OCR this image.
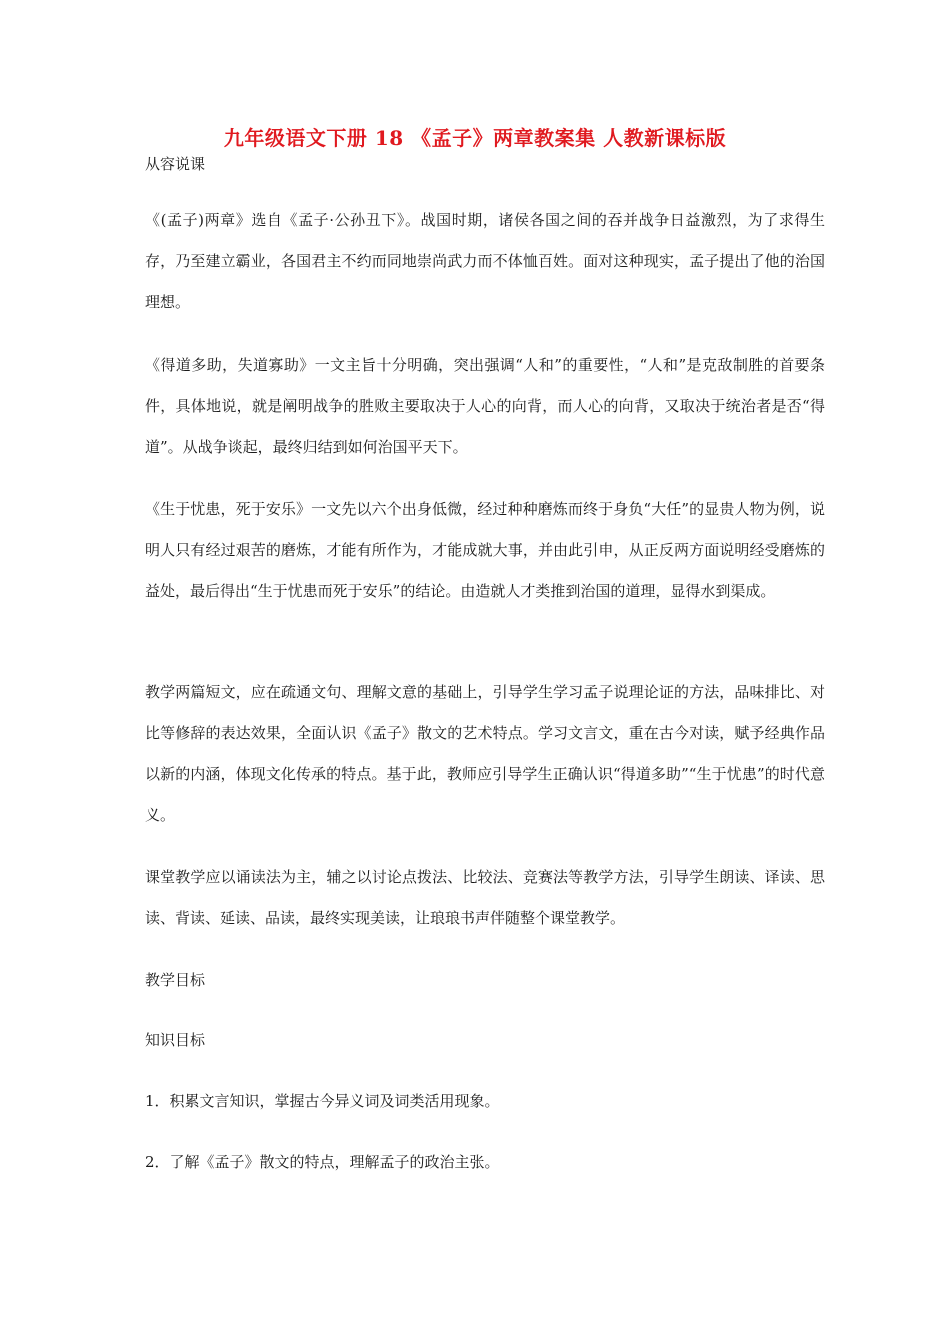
九年级语文下册 18 《孟子》两章教案集 人教新课标版
从容说课

《(孟子)两章》选自《孟子·公孙丑下》。战国时期，诸侯各国之间的吞并战争日益激烈，为了求得生存，乃至建立霸业，各国君主不约而同地崇尚武力而不体恤百姓。面对这种现实，孟子提出了他的治国理想。

《得道多助，失道寡助》一文主旨十分明确，突出强调“人和”的重要性，“人和”是克敌制胜的首要条件，具体地说，就是阐明战争的胜败主要取决于人心的向背，而人心的向背，又取决于统治者是否“得道”。从战争谈起，最终归结到如何治国平天下。

《生于忧患，死于安乐》一文先以六个出身低微，经过种种磨炼而终于身负“大任”的显贵人物为例，说明人只有经过艰苦的磨炼，才能有所作为，才能成就大事，并由此引申，从正反两方面说明经受磨炼的益处，最后得出“生于忧患而死于安乐”的结论。由造就人才类推到治国的道理，显得水到渠成。

教学两篇短文，应在疏通文句、理解文意的基础上，引导学生学习孟子说理论证的方法，品味排比、对比等修辞的表达效果，全面认识《孟子》散文的艺术特点。学习文言文，重在古今对读，赋予经典作品以新的内涵，体现文化传承的特点。基于此，教师应引导学生正确认识“得道多助”“生于忧患”的时代意义。

课堂教学应以诵读法为主，辅之以讨论点拨法、比较法、竞赛法等教学方法，引导学生朗读、译读、思读、背读、延读、品读，最终实现美读，让琅琅书声伴随整个课堂教学。

教学目标

知识目标

1．积累文言知识，掌握古今异义词及词类活用现象。

2．了解《孟子》散文的特点，理解孟子的政治主张。
